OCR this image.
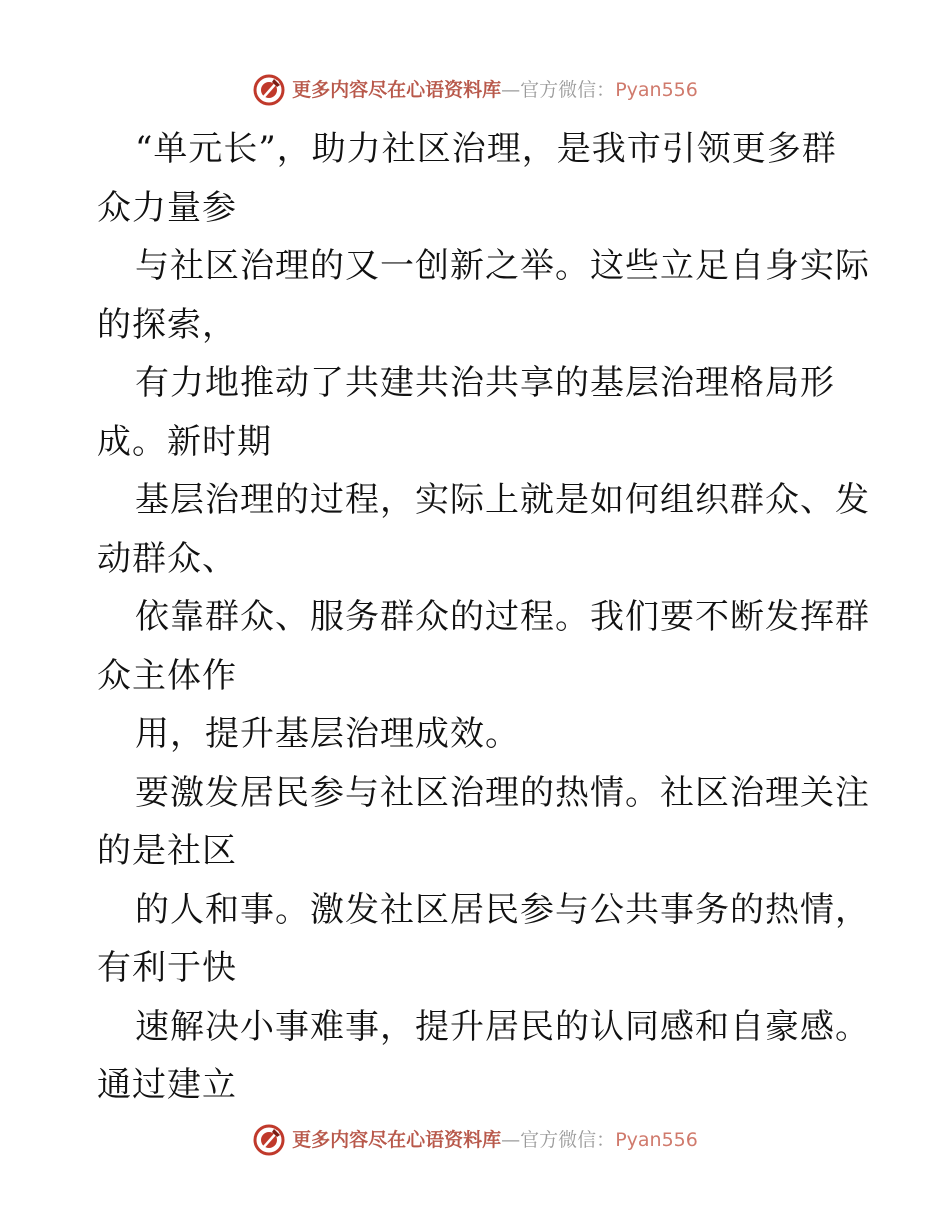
更多内容尽在心语资料库 —官方微信： Pyan556
“单元长”，助力社区治理，是我市引领更多群
众力量参
与社区治理的又一创新之举。这些立足自身实际
的探索，
有力地推动了共建共治共享的基层治理格局形
成。新时期
基层治理的过程，实际上就是如何组织群众、发
动群众、
依靠群众、服务群众的过程。我们要不断发挥群
众主体作
用，提升基层治理成效。
要激发居民参与社区治理的热情。社区治理关注
的是社区
的人和事。激发社区居民参与公共事务的热情，
有利于快
速解决小事难事，提升居民的认同感和自豪感。
通过建立
更多内容尽在心语资料库 —官方微信： Pyan556
